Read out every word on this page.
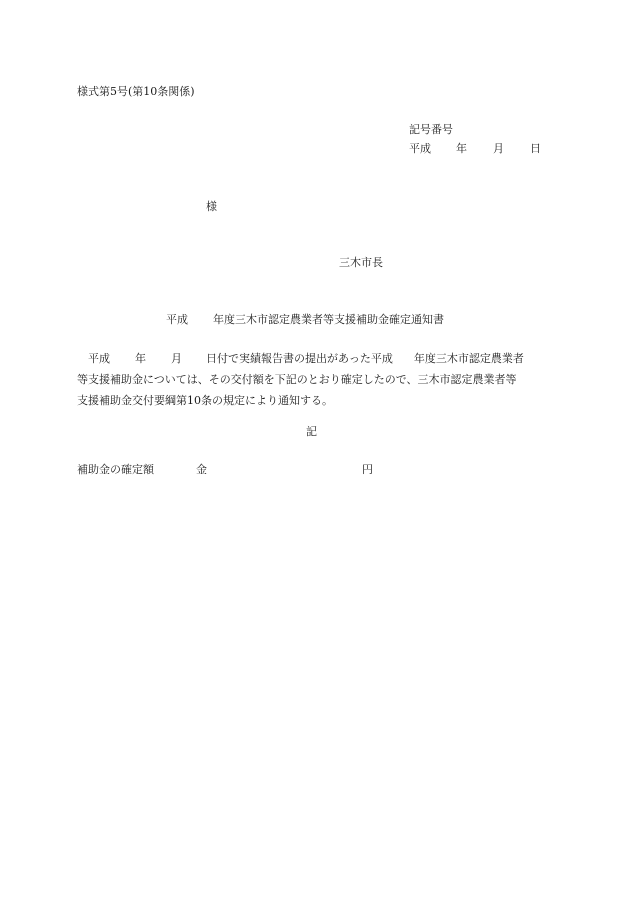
様式第5号(第10条関係)
記号番号
平成 年 月 日
様
三木市長
平成 年度三木市認定農業者等支援補助金確定通知書
平成 年 月 日付で実績報告書の提出があった平成 年度三木市認定農業者
等支援補助金については、その交付額を下記のとおり確定したので、三木市認定農業者等
支援補助金交付要綱第10条の規定により通知する。
記
補助金の確定額	金	円
